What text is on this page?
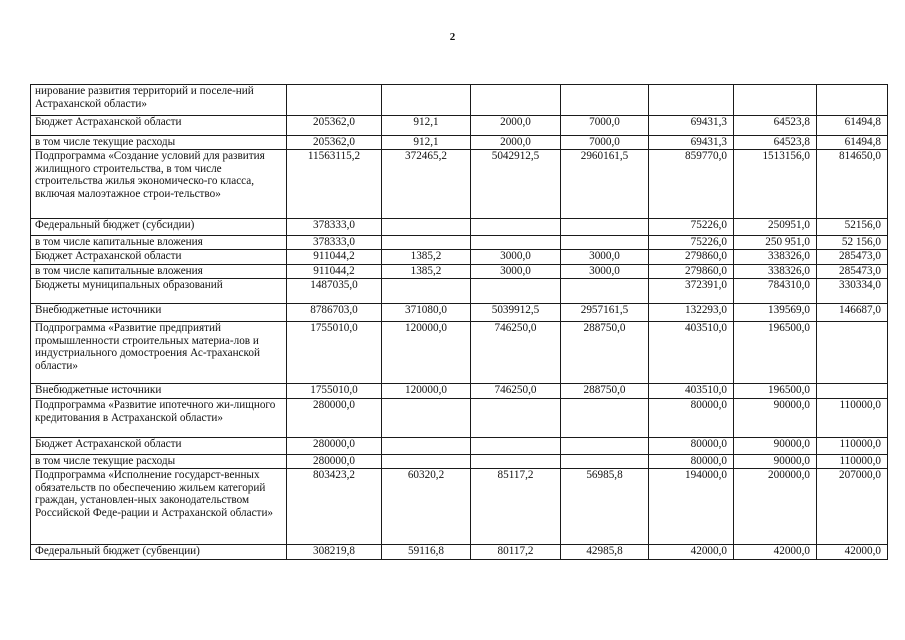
2
нирование развития территорий и поселе-ний Астраханской области»							
Бюджет Астраханской области	205362,0	912,1	2000,0	7000,0	69431,3	64523,8	61494,8
в том числе текущие расходы	205362,0	912,1	2000,0	7000,0	69431,3	64523,8	61494,8
Подпрограмма «Создание условий для развития жилищного строительства, в том числе строительства жилья экономическо-го класса, включая малоэтажное строи-тельство»	11563115,2	372465,2	5042912,5	2960161,5	859770,0	1513156,0	814650,0
Федеральный бюджет (субсидии)	378333,0				75226,0	250951,0	52156,0
в том числе капитальные вложения	378333,0				75226,0	250 951,0	52 156,0
Бюджет Астраханской области	911044,2	1385,2	3000,0	3000,0	279860,0	338326,0	285473,0
в том числе капитальные вложения	911044,2	1385,2	3000,0	3000,0	279860,0	338326,0	285473,0
Бюджеты муниципальных образований	1487035,0				372391,0	784310,0	330334,0
Внебюджетные источники	8786703,0	371080,0	5039912,5	2957161,5	132293,0	139569,0	146687,0
Подпрограмма «Развитие предприятий промышленности строительных материа-лов и индустриального домостроения Ас-траханской области»	1755010,0	120000,0	746250,0	288750,0	403510,0	196500,0	
Внебюджетные источники	1755010,0	120000,0	746250,0	288750,0	403510,0	196500,0	
Подпрограмма «Развитие ипотечного жи-лищного кредитования в Астраханской области»	280000,0				80000,0	90000,0	110000,0
Бюджет Астраханской области	280000,0				80000,0	90000,0	110000,0
в том числе текущие расходы	280000,0				80000,0	90000,0	110000,0
Подпрограмма «Исполнение государст-венных обязательств по обеспечению жильем категорий граждан, установлен-ных законодательством Российской Феде-рации и Астраханской области»	803423,2	60320,2	85117,2	56985,8	194000,0	200000,0	207000,0
Федеральный бюджет (субвенции)	308219,8	59116,8	80117,2	42985,8	42000,0	42000,0	42000,0
